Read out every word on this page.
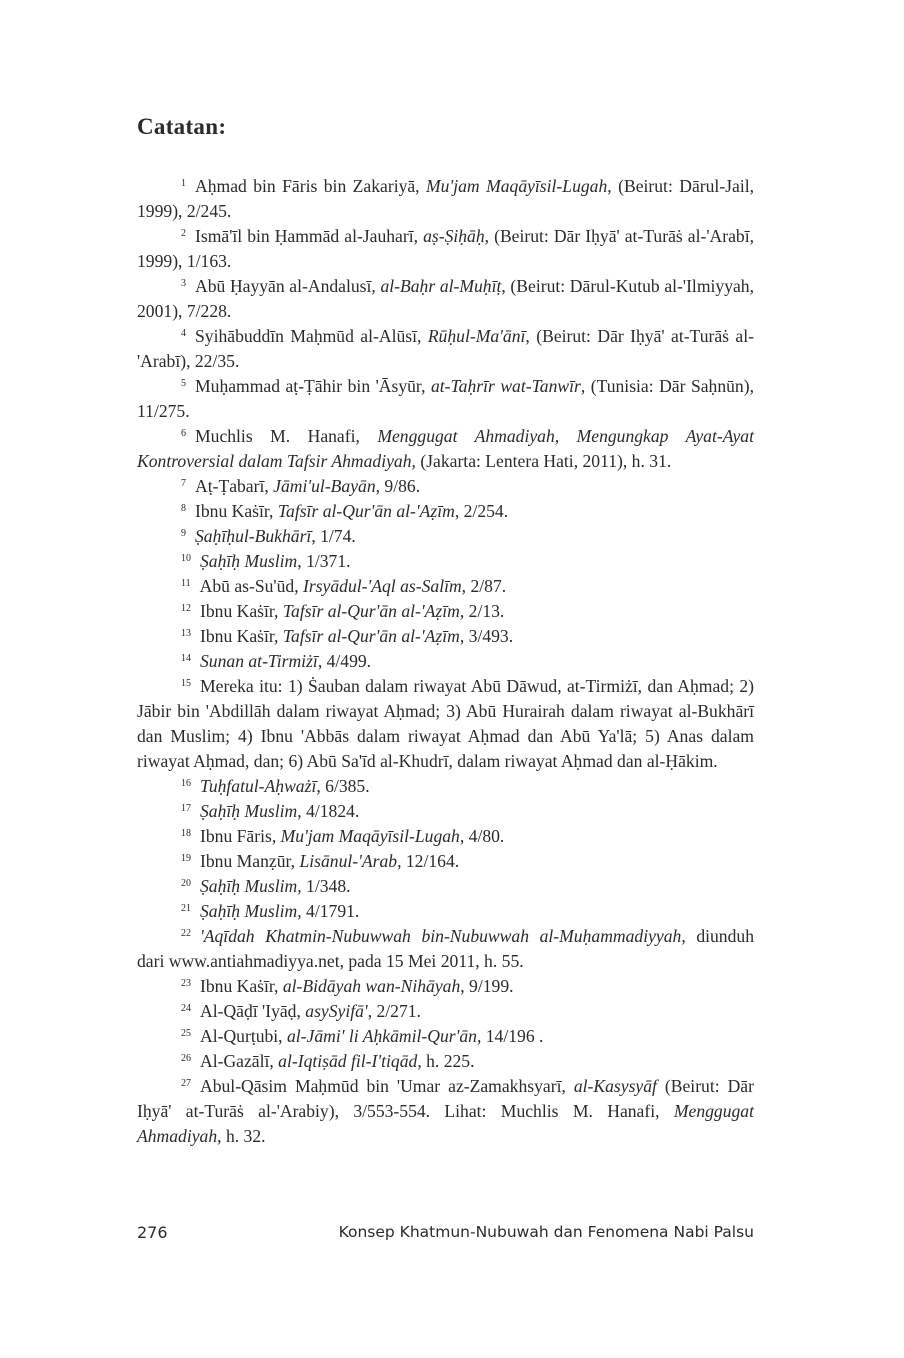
Catatan:

$^1$ Aḥmad bin Fāris bin Zakariyā, Mu'jam Maqāyīsil-Lugah, (Beirut: Dārul-Jail, 1999), 2/245.

$^2$ Ismā'īl bin Ḥammād al-Jauharī, aṣ-Ṣiḥāḥ, (Beirut: Dār Iḥyā' at-Turāṡ al-'Arabī, 1999), 1/163.

$^3$ Abū Ḥayyān al-Andalusī, al-Baḥr al-Muḥīṭ, (Beirut: Dārul-Kutub al-'Ilmiyyah, 2001), 7/228.

$^4$ Syihābuddīn Maḥmūd al-Alūsī, Rūḥul-Ma'ānī, (Beirut: Dār Iḥyā' at-Turāṡ al-'Arabī), 22/35.

$^5$ Muḥammad aṭ-Ṭāhir bin 'Āsyūr, at-Taḥrīr wat-Tanwīr, (Tunisia: Dār Saḥnūn), 11/275.

$^6$ Muchlis M. Hanafi, Menggugat Ahmadiyah, Mengungkap Ayat-Ayat Kontroversial dalam Tafsir Ahmadiyah, (Jakarta: Lentera Hati, 2011), h. 31.

$^7$ Aṭ-Ṭabarī, Jāmi'ul-Bayān, 9/86.

$^8$ Ibnu Kaṡīr, Tafsīr al-Qur'ān al-'Aẓīm, 2/254.

$^9$ Ṣaḥīḥul-Bukhārī, 1/74.

$^{10}$ Ṣaḥīḥ Muslim, 1/371.

$^{11}$ Abū as-Su'ūd, Irsyādul-'Aql as-Salīm, 2/87.

$^{12}$ Ibnu Kaṡīr, Tafsīr al-Qur'ān al-'Aẓīm, 2/13.

$^{13}$ Ibnu Kaṡīr, Tafsīr al-Qur'ān al-'Aẓīm, 3/493.

$^{14}$ Sunan at-Tirmiżī, 4/499.

$^{15}$ Mereka itu: 1) Ṡauban dalam riwayat Abū Dāwud, at-Tirmiżī, dan Aḥmad; 2) Jābir bin 'Abdillāh dalam riwayat Aḥmad; 3) Abū Hurairah dalam riwayat al-Bukhārī dan Muslim; 4) Ibnu 'Abbās dalam riwayat Aḥmad dan Abū Ya'lā; 5) Anas dalam riwayat Aḥmad, dan; 6) Abū Sa'īd al-Khudrī, dalam riwayat Aḥmad dan al-Ḥākim.

$^{16}$ Tuḥfatul-Aḥważī, 6/385.

$^{17}$ Ṣaḥīḥ Muslim, 4/1824.

$^{18}$ Ibnu Fāris, Mu'jam Maqāyīsil-Lugah, 4/80.

$^{19}$ Ibnu Manẓūr, Lisānul-'Arab, 12/164.

$^{20}$ Ṣaḥīḥ Muslim, 1/348.

$^{21}$ Ṣaḥīḥ Muslim, 4/1791.

$^{22}$ 'Aqīdah Khatmin-Nubuwwah bin-Nubuwwah al-Muḥammadiyyah, diunduh dari www.antiahmadiyya.net, pada 15 Mei 2011, h. 55.

$^{23}$ Ibnu Kaṡīr, al-Bidāyah wan-Nihāyah, 9/199.

$^{24}$ Al-Qāḍī 'Iyāḍ, asySyifā', 2/271.

$^{25}$ Al-Qurṭubi, al-Jāmi' li Aḥkāmil-Qur'ān, 14/196 .

$^{26}$ Al-Gazālī, al-Iqtiṣād fil-I'tiqād, h. 225.

$^{27}$ Abul-Qāsim Maḥmūd bin 'Umar az-Zamakhsyarī, al-Kasysyāf (Beirut: Dār Iḥyā' at-Turāṡ al-'Arabiy), 3/553-554. Lihat: Muchlis M. Hanafi, Menggugat Ahmadiyah, h. 32.

276	Konsep Khatmun-Nubuwah dan Fenomena Nabi Palsu
